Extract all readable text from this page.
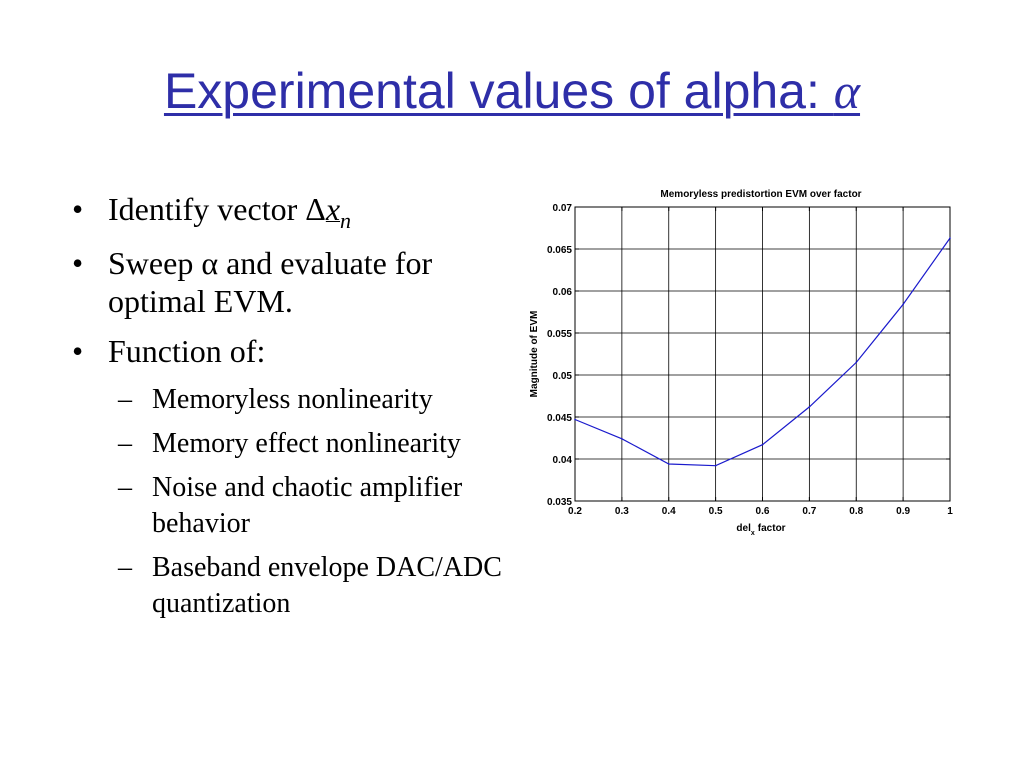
Experimental values of alpha: α
• Identify vector $\Delta x_n$
• Sweep α and evaluate for optimal EVM.
• Function of:
– Memoryless nonlinearity
– Memory effect nonlinearity
– Noise and chaotic amplifier behavior
– Baseband envelope DAC/ADC quantization
Memoryless predistortion EVM over factor
0.035
0.04
0.045
0.05
0.055
0.06
0.065
0.07
0.2	0.3	0.4	0.5	0.6	0.7	0.8	0.9	1
del$_x$ factor
Magnitude of EVM
